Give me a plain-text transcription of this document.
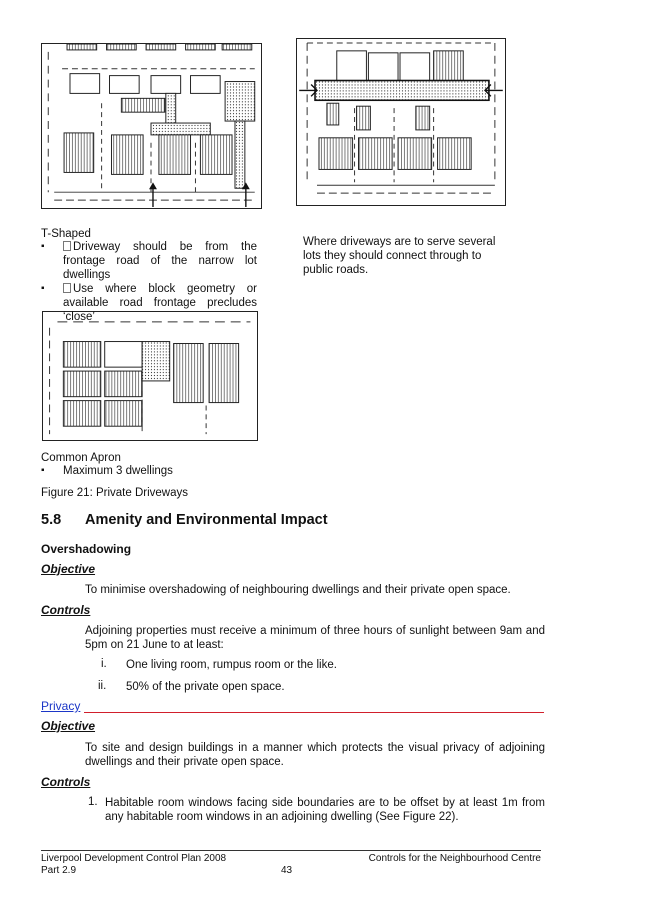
T-Shaped
▪ Driveway should be from the frontage road of the narrow lot dwellings
▪ Use where block geometry or available road frontage precludes ‘close’
Where driveways are to serve several lots they should connect through to public roads.
Common Apron
▪ Maximum 3 dwellings
Figure 21: Private Driveways
5.8 Amenity and Environmental Impact
Overshadowing
Objective
To minimise overshadowing of neighbouring dwellings and their private open space.
Controls
Adjoining properties must receive a minimum of three hours of sunlight between 9am and 5pm on 21 June to at least:
i. One living room, rumpus room or the like.
ii. 50% of the private open space.
Privacy
Objective
To site and design buildings in a manner which protects the visual privacy of adjoining dwellings and their private open space.
Controls
1. Habitable room windows facing side boundaries are to be offset by at least 1m from any habitable room windows in an adjoining dwelling (See Figure 22).
Liverpool Development Control Plan 2008
Part 2.9	43
Controls for the Neighbourhood Centre
